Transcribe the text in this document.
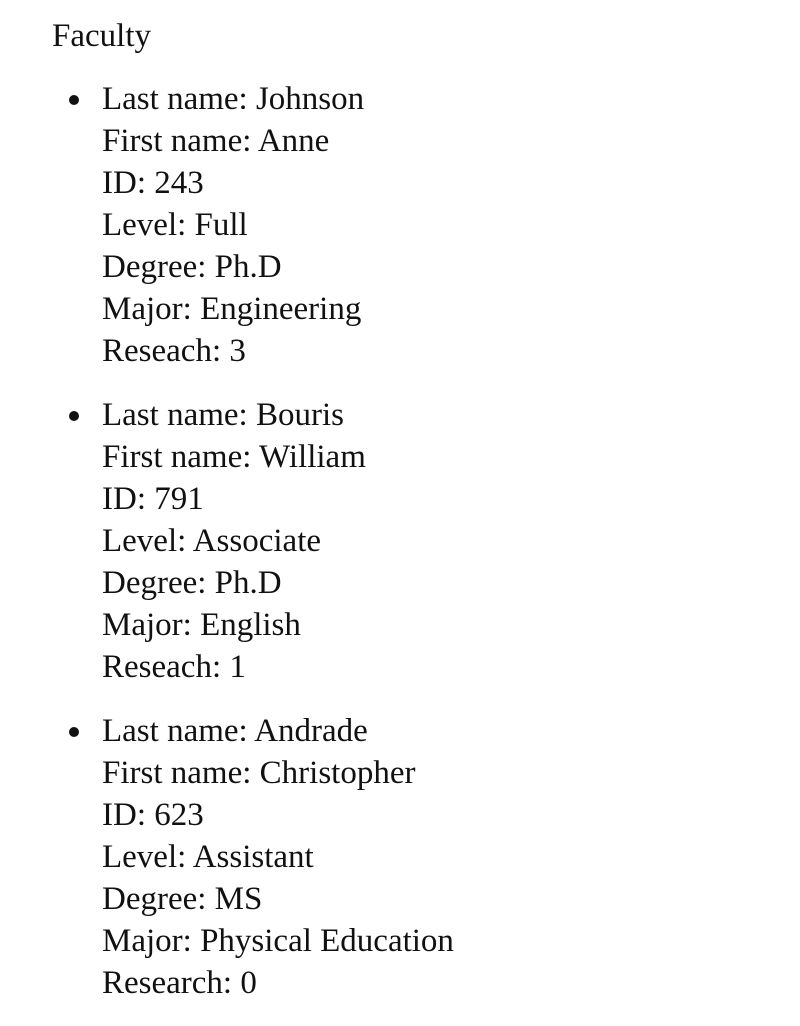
Faculty
Last name: Johnson
First name: Anne
ID: 243
Level: Full
Degree: Ph.D
Major: Engineering
Reseach: 3
Last name: Bouris
First name: William
ID: 791
Level: Associate
Degree: Ph.D
Major: English
Reseach: 1
Last name: Andrade
First name: Christopher
ID: 623
Level: Assistant
Degree: MS
Major: Physical Education
Research: 0
